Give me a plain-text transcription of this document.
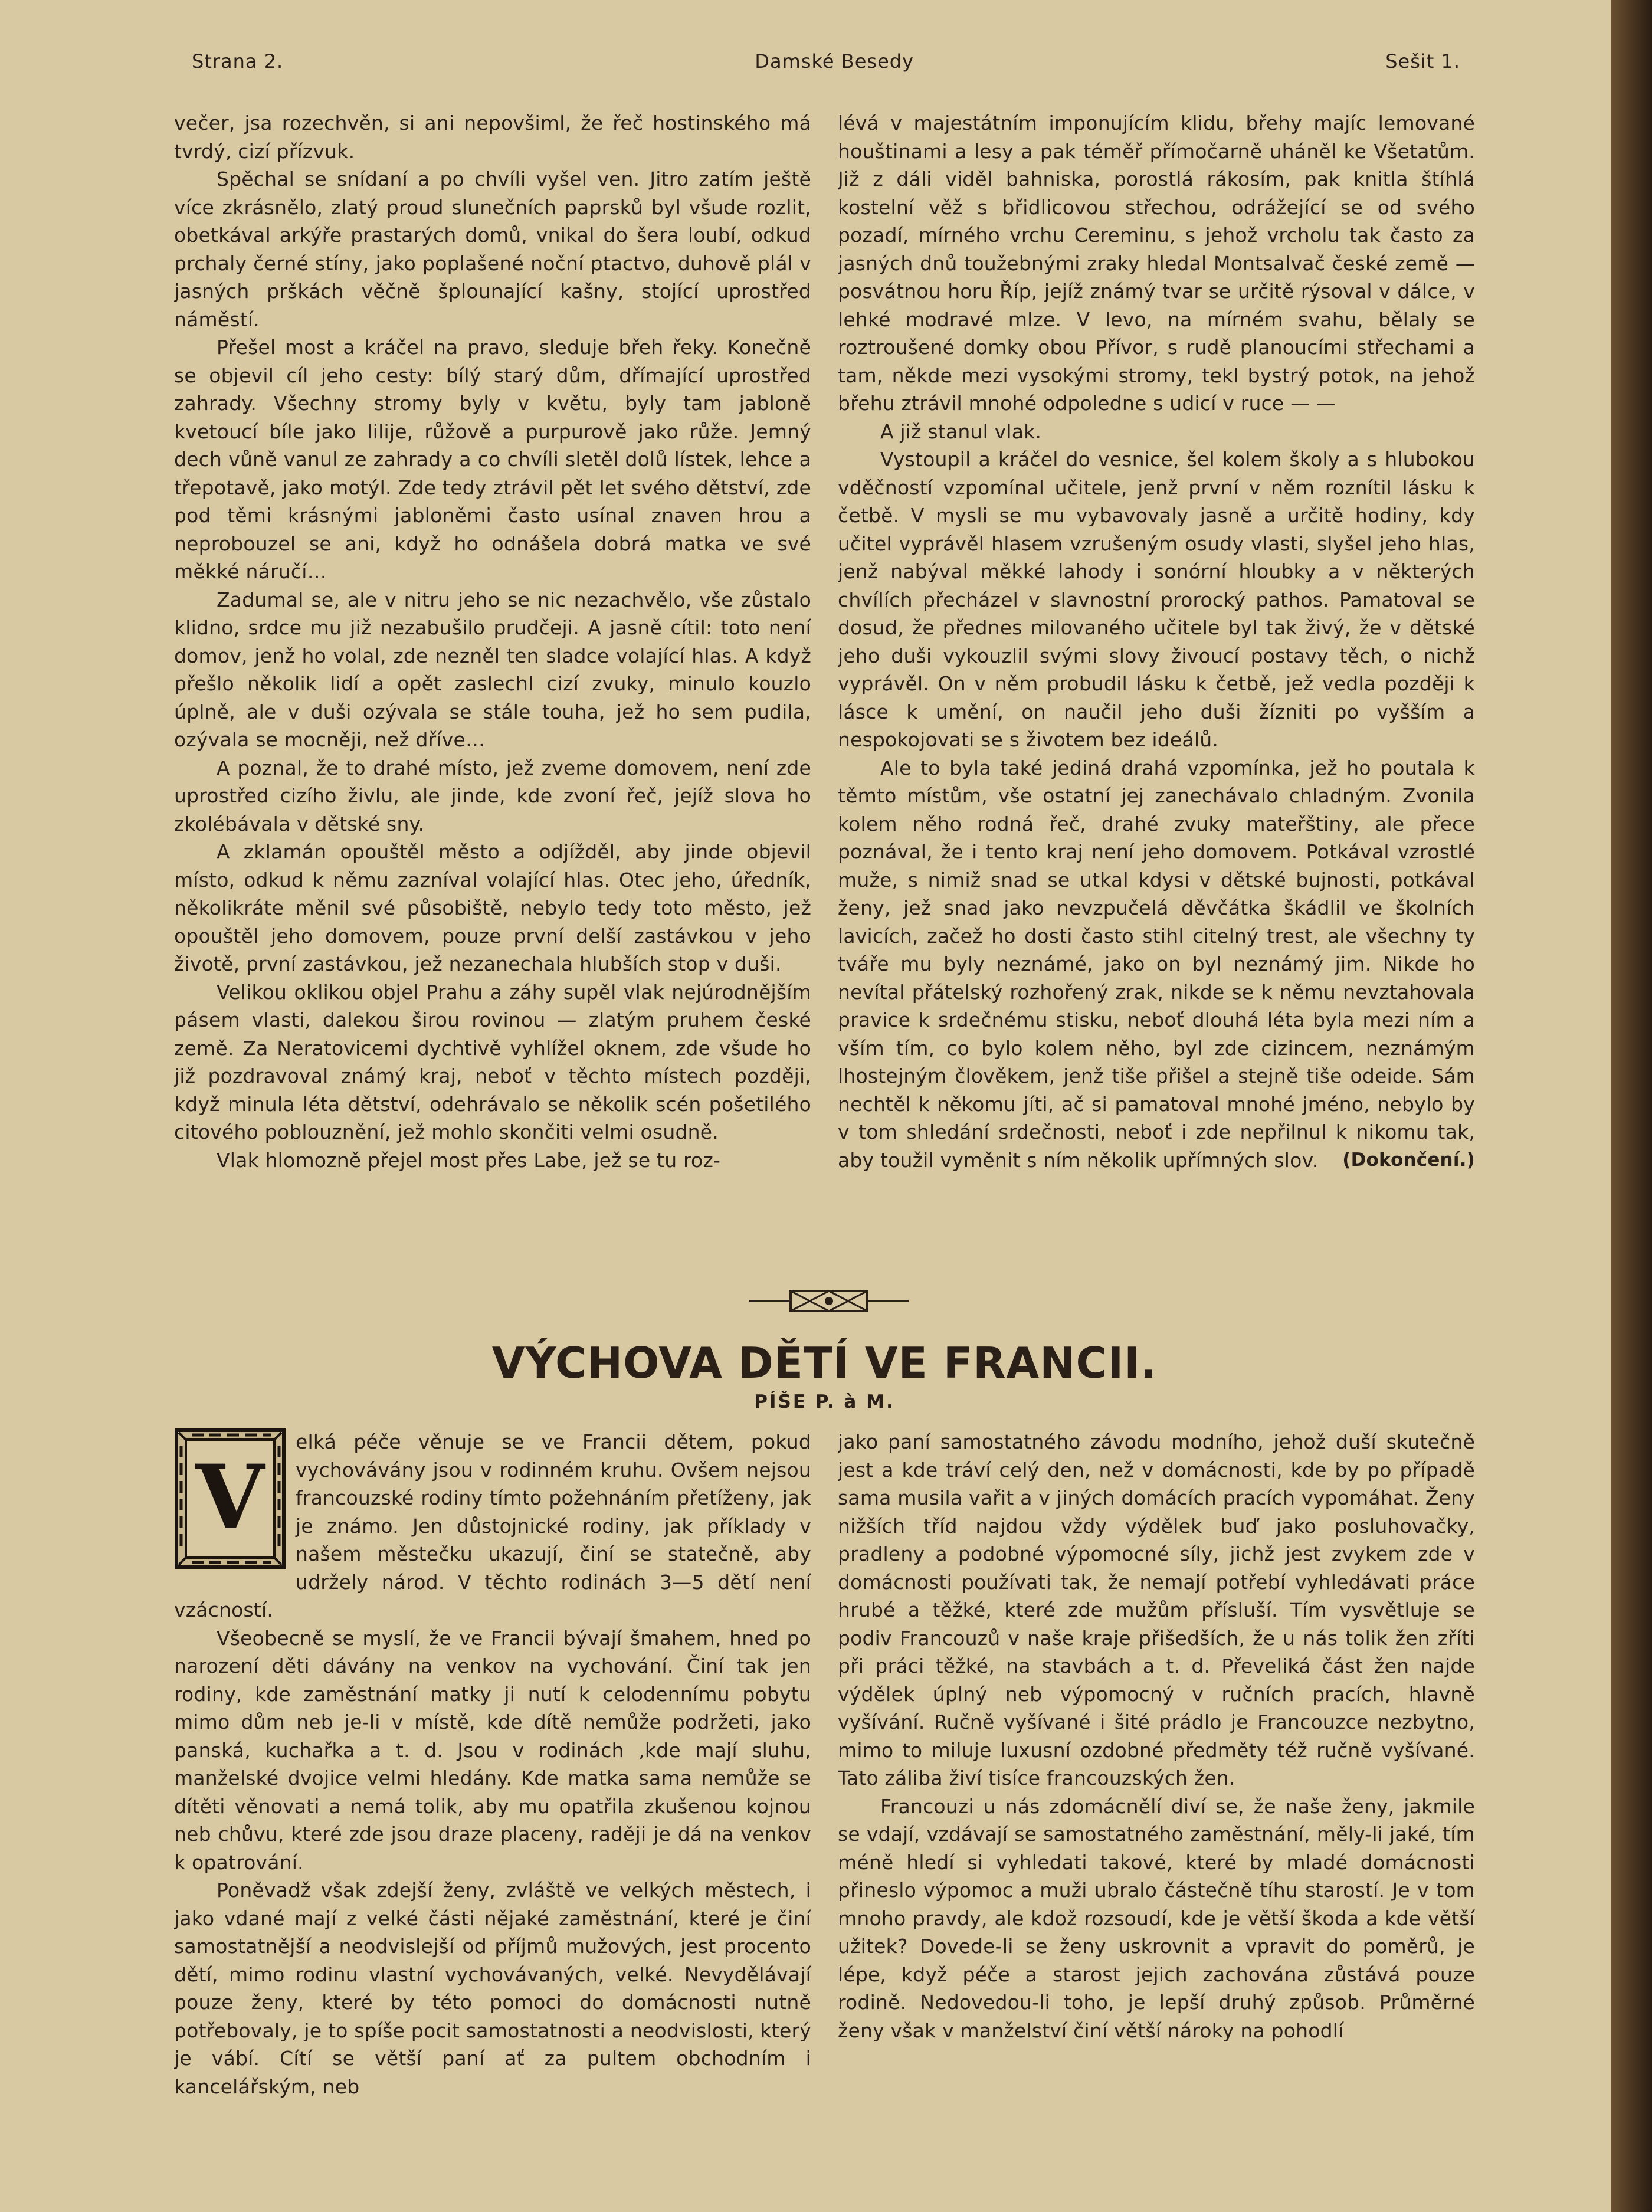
Strana 2.	Damské Besedy	Sešit 1.

večer, jsa rozechvěn, si ani nepovšiml, že řeč hostinského má tvrdý, cizí přízvuk.

Spěchal se snídaní a po chvíli vyšel ven. Jitro zatím ještě více zkrásnělo, zlatý proud slunečních paprsků byl všude rozlit, obetkával arkýře prastarých domů, vnikal do šera loubí, odkud prchaly černé stíny, jako poplašené noční ptactvo, duhově plál v jasných prškách věčně šplounající kašny, stojící uprostřed náměstí.

Přešel most a kráčel na pravo, sleduje břeh řeky. Konečně se objevil cíl jeho cesty: bílý starý dům, dřímající uprostřed zahrady. Všechny stromy byly v květu, byly tam jabloně kvetoucí bíle jako lilije, růžově a purpurově jako růže. Jemný dech vůně vanul ze zahrady a co chvíli sletěl dolů lístek, lehce a třepotavě, jako motýl. Zde tedy ztrávil pět let svého dětství, zde pod těmi krásnými jabloněmi často usínal znaven hrou a neprobouzel se ani, když ho odnášela dobrá matka ve své měkké náručí…

Zadumal se, ale v nitru jeho se nic nezachvělo, vše zůstalo klidno, srdce mu již nezabušilo prudčeji. A jasně cítil: toto není domov, jenž ho volal, zde nezněl ten sladce volající hlas. A když přešlo několik lidí a opět zaslechl cizí zvuky, minulo kouzlo úplně, ale v duši ozývala se stále touha, jež ho sem pudila, ozývala se mocněji, než dříve…

A poznal, že to drahé místo, jež zveme domovem, není zde uprostřed cizího živlu, ale jinde, kde zvoní řeč, jejíž slova ho zkolébávala v dětské sny.

A zklamán opouštěl město a odjížděl, aby jinde objevil místo, odkud k němu zazníval volající hlas. Otec jeho, úředník, několikráte měnil své působiště, nebylo tedy toto město, jež opouštěl jeho domovem, pouze první delší zastávkou v jeho životě, první zastávkou, jež nezanechala hlubších stop v duši.

Velikou oklikou objel Prahu a záhy supěl vlak nejúrodnějším pásem vlasti, dalekou širou rovinou — zlatým pruhem české země. Za Neratovicemi dychtivě vyhlížel oknem, zde všude ho již pozdravoval známý kraj, neboť v těchto místech později, když minula léta dětství, odehrávalo se několik scén pošetilého citového poblouznění, jež mohlo skončiti velmi osudně.

Vlak hlomozně přejel most přes Labe, jež se tu roz-

lévá v majestátním imponujícím klidu, břehy majíc lemované houštinami a lesy a pak téměř přímočarně uháněl ke Všetatům. Již z dáli viděl bahniska, porostlá rákosím, pak knitla štíhlá kostelní věž s břidlicovou střechou, odrážející se od svého pozadí, mírného vrchu Cereminu, s jehož vrcholu tak často za jasných dnů toužebnými zraky hledal Montsalvač české země — posvátnou horu Říp, jejíž známý tvar se určitě rýsoval v dálce, v lehké modravé mlze. V levo, na mírném svahu, bělaly se roztroušené domky obou Přívor, s rudě planoucími střechami a tam, někde mezi vysokými stromy, tekl bystrý potok, na jehož břehu ztrávil mnohé odpoledne s udicí v ruce — —

A již stanul vlak.

Vystoupil a kráčel do vesnice, šel kolem školy a s hlubokou vděčností vzpomínal učitele, jenž první v něm roznítil lásku k četbě. V mysli se mu vybavovaly jasně a určitě hodiny, kdy učitel vyprávěl hlasem vzrušeným osudy vlasti, slyšel jeho hlas, jenž nabýval měkké lahody i sonórní hloubky a v některých chvílích přecházel v slavnostní prorocký pathos. Pamatoval se dosud, že přednes milovaného učitele byl tak živý, že v dětské jeho duši vykouzlil svými slovy živoucí postavy těch, o nichž vyprávěl. On v něm probudil lásku k četbě, jež vedla později k lásce k umění, on naučil jeho duši žízniti po vyšším a nespokojovati se s životem bez ideálů.

Ale to byla také jediná drahá vzpomínka, jež ho poutala k těmto místům, vše ostatní jej zanechávalo chladným. Zvonila kolem něho rodná řeč, drahé zvuky mateřštiny, ale přece poznával, že i tento kraj není jeho domovem. Potkával vzrostlé muže, s nimiž snad se utkal kdysi v dětské bujnosti, potkával ženy, jež snad jako nevzpučelá děvčátka škádlil ve školních lavicích, začež ho dosti často stihl citelný trest, ale všechny ty tváře mu byly neznámé, jako on byl neznámý jim. Nikde ho nevítal přátelský rozhořený zrak, nikde se k němu nevztahovala pravice k srdečnému stisku, neboť dlouhá léta byla mezi ním a vším tím, co bylo kolem něho, byl zde cizincem, neznámým lhostejným člověkem, jenž tiše přišel a stejně tiše odeide. Sám nechtěl k někomu jíti, ač si pamatoval mnohé jméno, nebylo by v tom shledání srdečnosti, neboť i zde nepřilnul k nikomu tak, aby toužil vyměnit s ním několik upřímných slov. (Dokončení.)

VÝCHOVA DĚTÍ VE FRANCII.
PÍŠE P. à M.

V
elká péče věnuje se ve Francii dětem, pokud vychovávány jsou v rodinném kruhu. Ovšem nejsou francouzské rodiny tímto požehnáním přetíženy, jak je známo. Jen důstojnické rodiny, jak příklady v našem městečku ukazují, činí se statečně, aby udržely národ. V těchto rodinách 3—5 dětí není vzácností.

Všeobecně se myslí, že ve Francii bývají šmahem, hned po narození děti dávány na venkov na vychování. Činí tak jen rodiny, kde zaměstnání matky ji nutí k celodennímu pobytu mimo dům neb je-li v místě, kde dítě nemůže podržeti, jako panská, kuchařka a t. d. Jsou v rodinách ,kde mají sluhu, manželské dvojice velmi hledány. Kde matka sama nemůže se dítěti věnovati a nemá tolik, aby mu opatřila zkušenou kojnou neb chůvu, které zde jsou draze placeny, raději je dá na venkov k opatrování.

Poněvadž však zdejší ženy, zvláště ve velkých městech, i jako vdané mají z velké části nějaké zaměstnání, které je činí samostatnější a neodvislejší od příjmů mužových, jest procento dětí, mimo rodinu vlastní vychovávaných, velké. Nevydělávají pouze ženy, které by této pomoci do domácnosti nutně potřebovaly, je to spíše pocit samostatnosti a neodvislosti, který je vábí. Cítí se větší paní ať za pultem obchodním i kancelářským, neb

jako paní samostatného závodu modního, jehož duší skutečně jest a kde tráví celý den, než v domácnosti, kde by po případě sama musila vařit a v jiných domácích pracích vypomáhat. Ženy nižších tříd najdou vždy výdělek buď jako posluhovačky, pradleny a podobné výpomocné síly, jichž jest zvykem zde v domácnosti používati tak, že nemají potřebí vyhledávati práce hrubé a těžké, které zde mužům přísluší. Tím vysvětluje se podiv Francouzů v naše kraje přišedších, že u nás tolik žen zříti při práci těžké, na stavbách a t. d. Převeliká část žen najde výdělek úplný neb výpomocný v ručních pracích, hlavně vyšívání. Ručně vyšívané i šité prádlo je Francouzce nezbytno, mimo to miluje luxusní ozdobné předměty též ručně vyšívané. Tato záliba živí tisíce francouzských žen.

Francouzi u nás zdomácnělí diví se, že naše ženy, jakmile se vdají, vzdávají se samostatného zaměstnání, měly-li jaké, tím méně hledí si vyhledati takové, které by mladé domácnosti přineslo výpomoc a muži ubralo částečně tíhu starostí. Je v tom mnoho pravdy, ale kdož rozsoudí, kde je větší škoda a kde větší užitek? Dovede-li se ženy uskrovnit a vpravit do poměrů, je lépe, když péče a starost jejich zachována zůstává pouze rodině. Nedovedou-li toho, je lepší druhý způsob. Průměrné ženy však v manželství činí větší nároky na pohodlí
